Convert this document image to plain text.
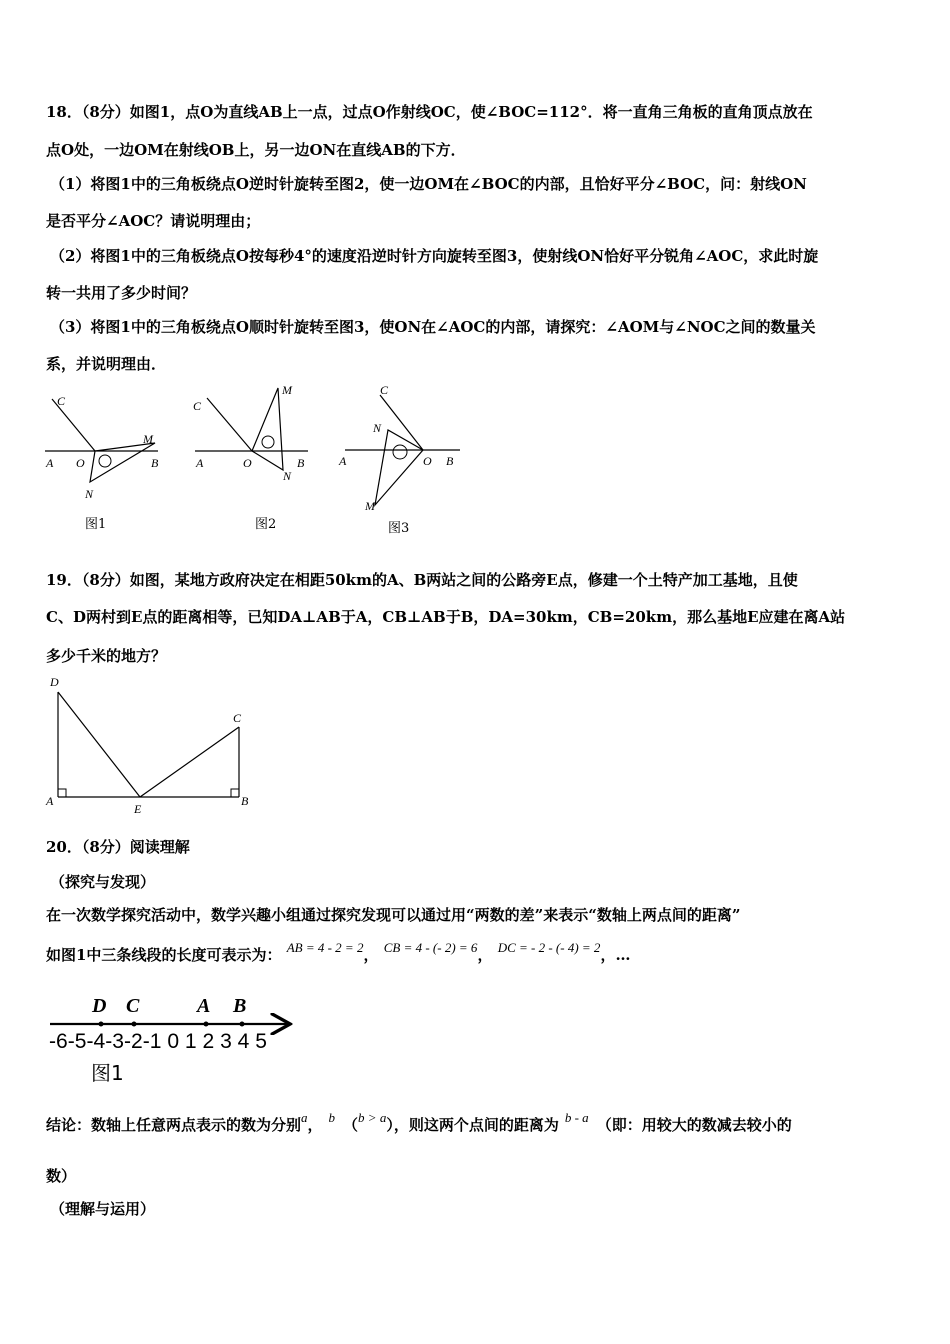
18．（8分）如图1，点O为直线AB上一点，过点O作射线OC，使∠BOC=112°．将一直角三角板的直角顶点放在
点O处，一边OM在射线OB上，另一边ON在直线AB的下方．
（1）将图1中的三角板绕点O逆时针旋转至图2，使一边OM在∠BOC的内部，且恰好平分∠BOC，问：射线ON
是否平分∠AOC？请说明理由；
（2）将图1中的三角板绕点O按每秒4°的速度沿逆时针方向旋转至图3，使射线ON恰好平分锐角∠AOC，求此时旋
转一共用了多少时间？
（3）将图1中的三角板绕点O顺时针旋转至图3，使ON在∠AOC的内部，请探究：∠AOM与∠NOC之间的数量关
系，并说明理由．
C
M
A O	B
N
图1
C
M
A	O	B
N
图2
C
N
A	O B
M
图3
19．（8分）如图，某地方政府决定在相距50km的A、B两站之间的公路旁E点，修建一个土特产加工基地，且使
C、D两村到E点的距离相等，已知DA⊥AB于A，CB⊥AB于B，DA=30km，CB=20km，那么基地E应建在离A站
多少千米的地方？
D
C
A
E
B
20．（8分）阅读理解
（探究与发现）
在一次数学探究活动中，数学兴趣小组通过探究发现可以通过用“两数的差”来表示“数轴上两点间的距离”
如图1中三条线段的长度可表示为： AB = 4 - 2 = 2， CB = 4 - (- 2) = 6， DC = - 2 - (- 4) = 2，…
D C	A B
-6-5-4-3-2-1 0 1 2 3 4 5
图1
结论：数轴上任意两点表示的数为分别a， b （b > a），则这两个点间的距离为 b - a （即：用较大的数减去较小的
数）
（理解与运用）
